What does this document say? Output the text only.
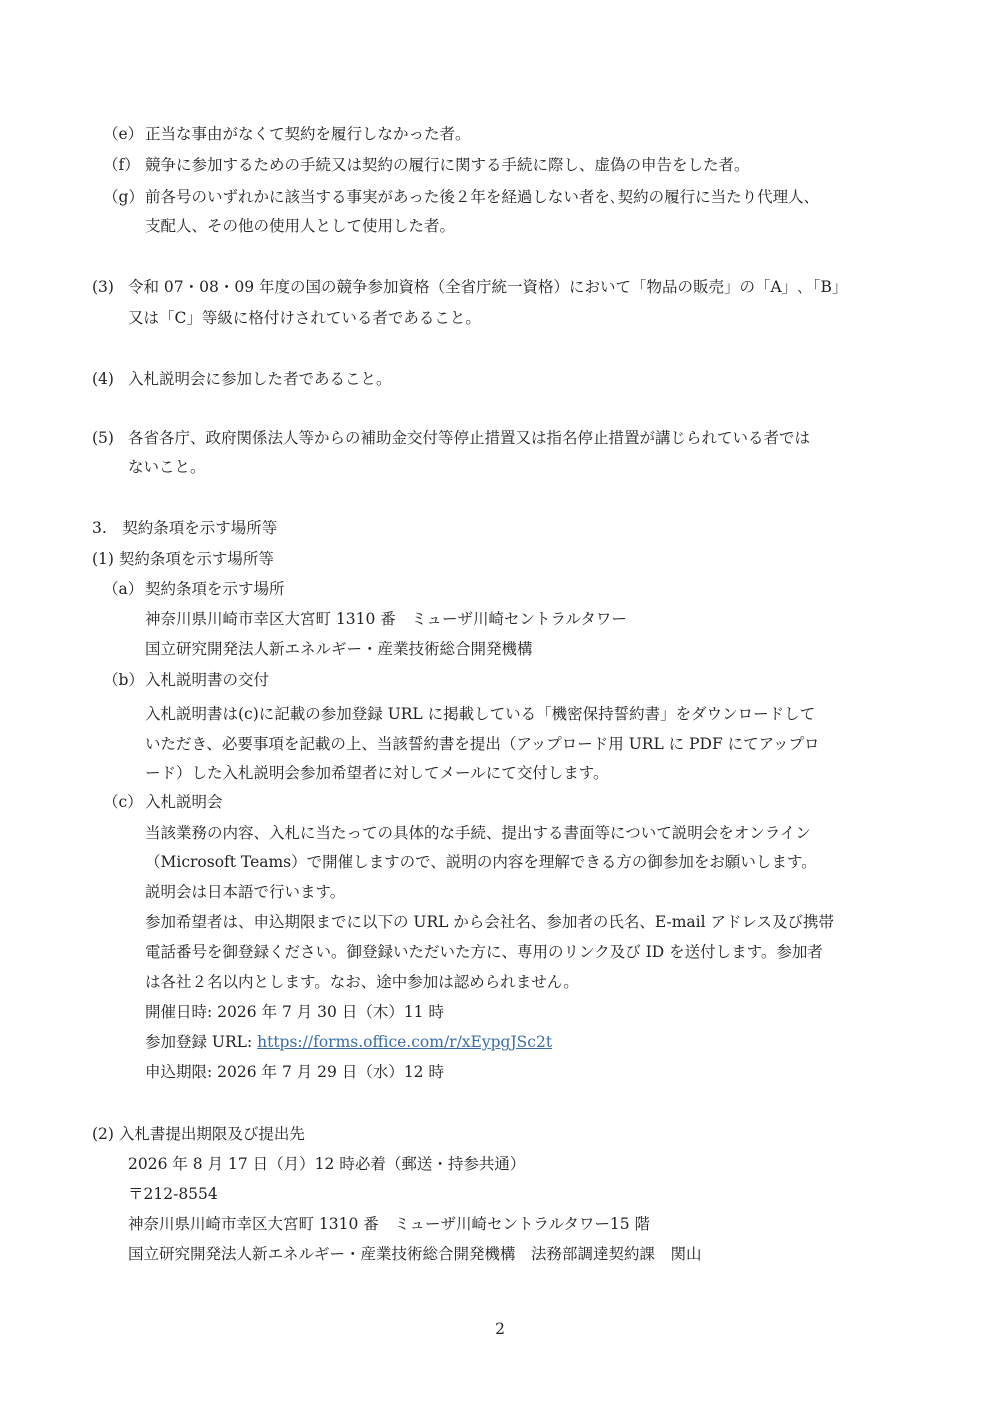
（e） 正当な事由がなくて契約を履行しなかった者。
（f） 競争に参加するための手続又は契約の履行に関する手続に際し、虚偽の申告をした者。
（g） 前各号のいずれかに該当する事実があった後２年を経過しない者を､契約の履行に当たり代理人、
支配人、その他の使用人として使用した者。
(3) 令和 07・08・09 年度の国の競争参加資格（全省庁統一資格）において「物品の販売」の「A」､「B」
又は「C」等級に格付けされている者であること。
(4) 入札説明会に参加した者であること。
(5) 各省各庁、政府関係法人等からの補助金交付等停止措置又は指名停止措置が講じられている者では
ないこと。
3.　契約条項を示す場所等
(1) 契約条項を示す場所等
（a） 契約条項を示す場所
神奈川県川崎市幸区大宮町 1310 番　ミューザ川崎セントラルタワー
国立研究開発法人新エネルギー・産業技術総合開発機構
（b） 入札説明書の交付
入札説明書は(c)に記載の参加登録 URL に掲載している「機密保持誓約書」をダウンロードして
いただき、必要事項を記載の上、当該誓約書を提出（アップロード用 URL に PDF にてアップロ
ード）した入札説明会参加希望者に対してメールにて交付します。
（c） 入札説明会
当該業務の内容、入札に当たっての具体的な手続、提出する書面等について説明会をオンライン
（Microsoft Teams）で開催しますので、説明の内容を理解できる方の御参加をお願いします。
説明会は日本語で行います。
参加希望者は、申込期限までに以下の URL から会社名、参加者の氏名、E-mail アドレス及び携帯
電話番号を御登録ください。御登録いただいた方に、専用のリンク及び ID を送付します。参加者
は各社２名以内とします。なお、途中参加は認められません。
開催日時: 2026 年 7 月 30 日（木）11 時
参加登録 URL: https://forms.office.com/r/xEypgJSc2t
申込期限: 2026 年 7 月 29 日（水）12 時
(2) 入札書提出期限及び提出先
2026 年 8 月 17 日（月）12 時必着（郵送・持参共通）
〒212-8554
神奈川県川崎市幸区大宮町 1310 番　ミューザ川崎セントラルタワー15 階
国立研究開発法人新エネルギー・産業技術総合開発機構　法務部調達契約課　関山
2
